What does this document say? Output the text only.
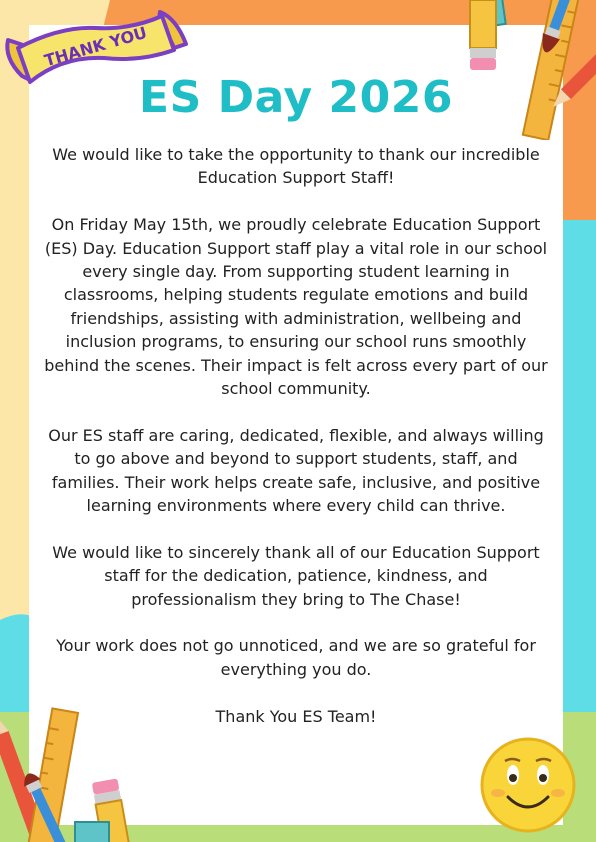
THANK YOU
ES Day 2026

We would like to take the opportunity to thank our incredible Education Support Staff!

On Friday May 15th, we proudly celebrate Education Support (ES) Day. Education Support staff play a vital role in our school every single day. From supporting student learning in classrooms, helping students regulate emotions and build friendships, assisting with administration, wellbeing and inclusion programs, to ensuring our school runs smoothly behind the scenes. Their impact is felt across every part of our school community.

Our ES staff are caring, dedicated, flexible, and always willing to go above and beyond to support students, staff, and families. Their work helps create safe, inclusive, and positive learning environments where every child can thrive.

We would like to sincerely thank all of our Education Support staff for the dedication, patience, kindness, and professionalism they bring to The Chase!

Your work does not go unnoticed, and we are so grateful for everything you do.

Thank You ES Team!
